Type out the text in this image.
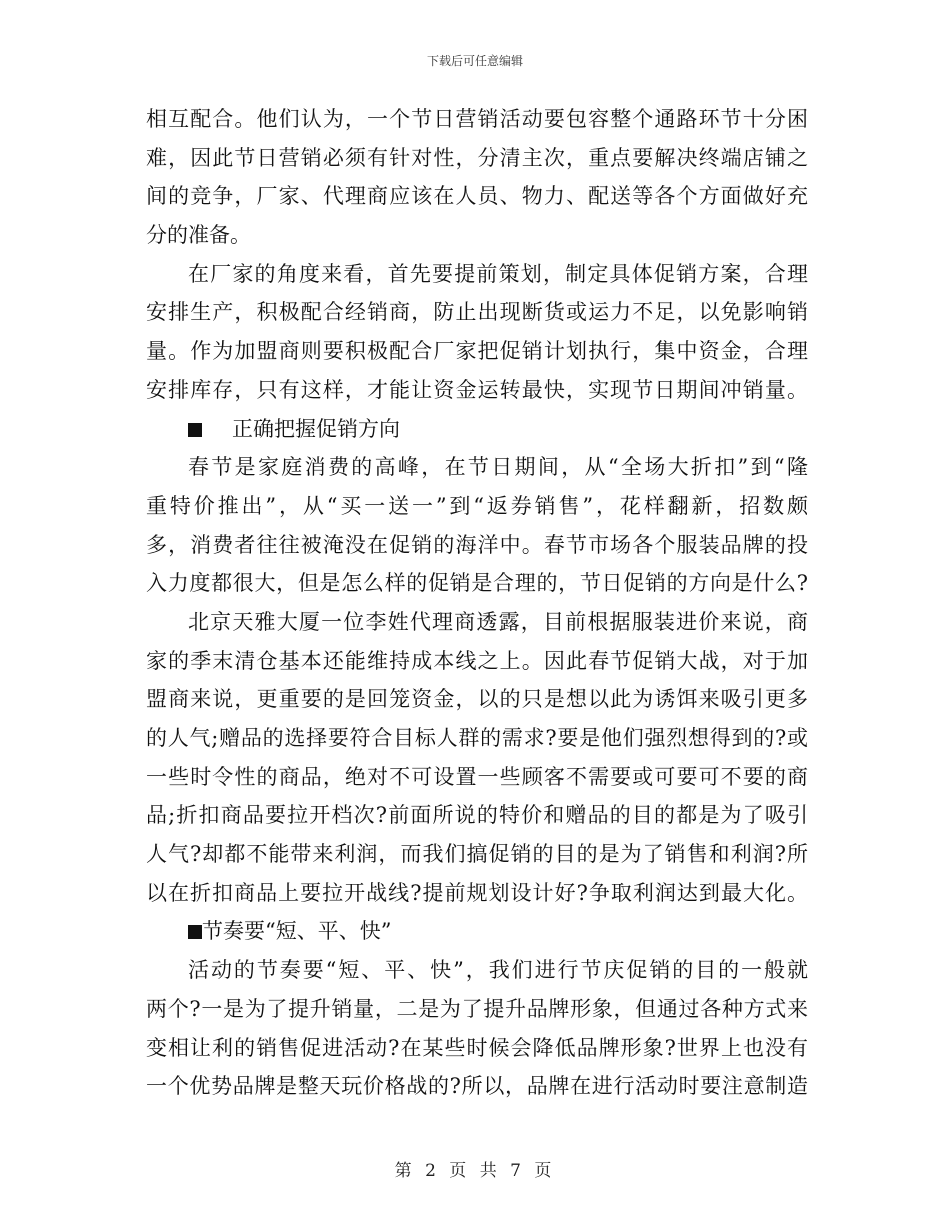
下载后可任意编辑
相互配合。他们认为，一个节日营销活动要包容整个通路环节十分困
难，因此节日营销必须有针对性，分清主次，重点要解决终端店铺之
间的竞争，厂家、代理商应该在人员、物力、配送等各个方面做好充
分的准备。
在厂家的角度来看，首先要提前策划，制定具体促销方案，合理
安排生产，积极配合经销商，防止出现断货或运力不足，以免影响销
量。作为加盟商则要积极配合厂家把促销计划执行，集中资金，合理
安排库存，只有这样，才能让资金运转最快，实现节日期间冲销量。
正确把握促销方向
春节是家庭消费的高峰，在节日期间，从“全场大折扣”到“隆
重特价推出”，从“买一送一”到“返券销售”，花样翻新，招数颇
多，消费者往往被淹没在促销的海洋中。春节市场各个服装品牌的投
入力度都很大，但是怎么样的促销是合理的，节日促销的方向是什么?
北京天雅大厦一位李姓代理商透露，目前根据服装进价来说，商
家的季末清仓基本还能维持成本线之上。因此春节促销大战，对于加
盟商来说，更重要的是回笼资金，以的只是想以此为诱饵来吸引更多
的人气;赠品的选择要符合目标人群的需求?要是他们强烈想得到的?或
一些时令性的商品，绝对不可设置一些顾客不需要或可要可不要的商
品;折扣商品要拉开档次?前面所说的特价和赠品的目的都是为了吸引
人气?却都不能带来利润，而我们搞促销的目的是为了销售和利润?所
以在折扣商品上要拉开战线?提前规划设计好?争取利润达到最大化。
节奏要“短、平、快”
活动的节奏要“短、平、快”，我们进行节庆促销的目的一般就
两个?一是为了提升销量，二是为了提升品牌形象，但通过各种方式来
变相让利的销售促进活动?在某些时候会降低品牌形象?世界上也没有
一个优势品牌是整天玩价格战的?所以，品牌在进行活动时要注意制造
第 2 页 共 7 页
